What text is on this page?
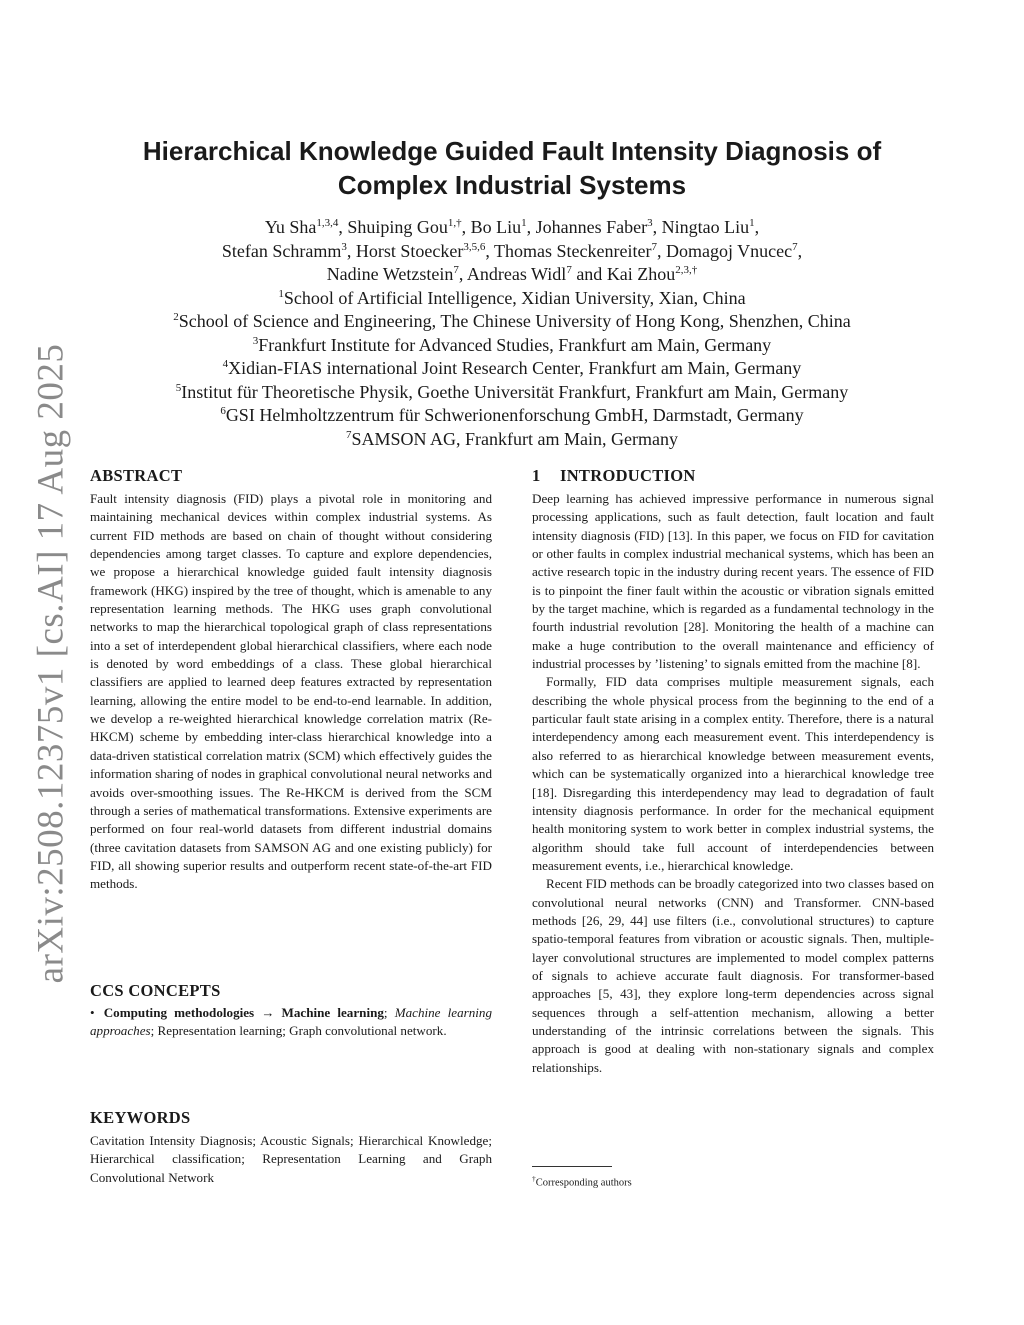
arXiv:2508.12375v1 [cs.AI] 17 Aug 2025
Hierarchical Knowledge Guided Fault Intensity Diagnosis of
Complex Industrial Systems
Yu Sha$^{1,3,4}$, Shuiping Gou$^{1,\dagger}$, Bo Liu$^1$, Johannes Faber$^3$, Ningtao Liu$^1$,
Stefan Schramm$^3$, Horst Stoecker$^{3,5,6}$, Thomas Steckenreiter$^7$, Domagoj Vnucec$^7$,
Nadine Wetzstein$^7$, Andreas Widl$^7$ and Kai Zhou$^{2,3,\dagger}$
$^1$School of Artificial Intelligence, Xidian University, Xian, China
$^2$School of Science and Engineering, The Chinese University of Hong Kong, Shenzhen, China
$^3$Frankfurt Institute for Advanced Studies, Frankfurt am Main, Germany
$^4$Xidian-FIAS international Joint Research Center, Frankfurt am Main, Germany
$^5$Institut für Theoretische Physik, Goethe Universität Frankfurt, Frankfurt am Main, Germany
$^6$GSI Helmholtzzentrum für Schwerionenforschung GmbH, Darmstadt, Germany
$^7$SAMSON AG, Frankfurt am Main, Germany
ABSTRACT

Fault intensity diagnosis (FID) plays a pivotal role in monitoring and maintaining mechanical devices within complex industrial systems. As current FID methods are based on chain of thought without considering dependencies among target classes. To capture and explore dependencies, we propose a hierarchical knowledge guided fault intensity diagnosis framework (HKG) inspired by the tree of thought, which is amenable to any representation learning methods. The HKG uses graph convolutional networks to map the hierarchical topological graph of class representations into a set of interdependent global hierarchical classifiers, where each node is denoted by word embeddings of a class. These global hierarchical classifiers are applied to learned deep features extracted by representation learning, allowing the entire model to be end-to-end learnable. In addition, we develop a re-weighted hierarchical knowledge correlation matrix (Re-HKCM) scheme by embedding inter-class hierarchical knowledge into a data-driven statistical correlation matrix (SCM) which effectively guides the information sharing of nodes in graphical convolutional neural networks and avoids over-smoothing issues. The Re-HKCM is derived from the SCM through a series of mathematical transformations. Extensive experiments are performed on four real-world datasets from different industrial domains (three cavitation datasets from SAMSON AG and one existing publicly) for FID, all showing superior results and outperform recent state-of-the-art FID methods.

CCS CONCEPTS

• Computing methodologies → Machine learning; Machine learning approaches; Representation learning; Graph convolutional network.

KEYWORDS

Cavitation Intensity Diagnosis; Acoustic Signals; Hierarchical Knowledge; Hierarchical classification; Representation Learning and Graph Convolutional Network

1 INTRODUCTION

Deep learning has achieved impressive performance in numerous signal processing applications, such as fault detection, fault location and fault intensity diagnosis (FID) [13]. In this paper, we focus on FID for cavitation or other faults in complex industrial mechanical systems, which has been an active research topic in the industry during recent years. The essence of FID is to pinpoint the finer fault within the acoustic or vibration signals emitted by the target machine, which is regarded as a fundamental technology in the fourth industrial revolution [28]. Monitoring the health of a machine can make a huge contribution to the overall maintenance and efficiency of industrial processes by ’listening’ to signals emitted from the machine [8].

Formally, FID data comprises multiple measurement signals, each describing the whole physical process from the beginning to the end of a particular fault state arising in a complex entity. Therefore, there is a natural interdependency among each measurement event. This interdependency is also referred to as hierarchical knowledge between measurement events, which can be systematically organized into a hierarchical knowledge tree [18]. Disregarding this interdependency may lead to degradation of fault intensity diagnosis performance. In order for the mechanical equipment health monitoring system to work better in complex industrial systems, the algorithm should take full account of interdependencies between measurement events, i.e., hierarchical knowledge.

Recent FID methods can be broadly categorized into two classes based on convolutional neural networks (CNN) and Transformer. CNN-based methods [26, 29, 44] use filters (i.e., convolutional structures) to capture spatio-temporal features from vibration or acoustic signals. Then, multiple-layer convolutional structures are implemented to model complex patterns of signals to achieve accurate fault diagnosis. For transformer-based approaches [5, 43], they explore long-term dependencies across signal sequences through a self-attention mechanism, allowing a better understanding of the intrinsic correlations between the signals. This approach is good at dealing with non-stationary signals and complex relationships.

†Corresponding authors
